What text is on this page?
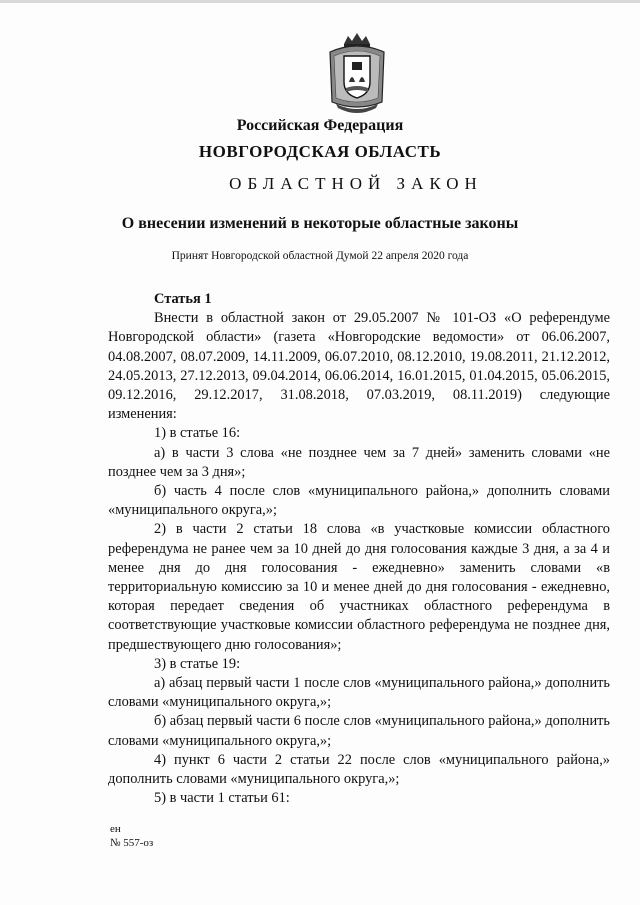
Российская Федерация

НОВГОРОДСКАЯ ОБЛАСТЬ

ОБЛАСТНОЙ ЗАКОН

О внесении изменений в некоторые областные законы

Принят Новгородской областной Думой 22 апреля 2020 года

Статья 1

Внести в областной закон от 29.05.2007 № 101-ОЗ «О референдуме Новгородской области» (газета «Новгородские ведомости» от 06.06.2007, 04.08.2007, 08.07.2009, 14.11.2009, 06.07.2010, 08.12.2010, 19.08.2011, 21.12.2012, 24.05.2013, 27.12.2013, 09.04.2014, 06.06.2014, 16.01.2015, 01.04.2015, 05.06.2015, 09.12.2016, 29.12.2017, 31.08.2018, 07.03.2019, 08.11.2019) следующие изменения:

1) в статье 16:

а) в части 3 слова «не позднее чем за 7 дней» заменить словами «не позднее чем за 3 дня»;

б) часть 4 после слов «муниципального района,» дополнить словами «муниципального округа,»;

2) в части 2 статьи 18 слова «в участковые комиссии областного референдума не ранее чем за 10 дней до дня голосования каждые 3 дня, а за 4 и менее дня до дня голосования - ежедневно» заменить словами «в территориальную комиссию за 10 и менее дней до дня голосования - ежедневно, которая передает сведения об участниках областного референдума в соответствующие участковые комиссии областного референдума не позднее дня, предшествующего дню голосования»;

3) в статье 19:

а) абзац первый части 1 после слов «муниципального района,» дополнить словами «муниципального округа,»;

б) абзац первый части 6 после слов «муниципального района,» дополнить словами «муниципального округа,»;

4) пункт 6 части 2 статьи 22 после слов «муниципального района,» дополнить словами «муниципального округа,»;

5) в части 1 статьи 61:

ен
№ 557-оз
